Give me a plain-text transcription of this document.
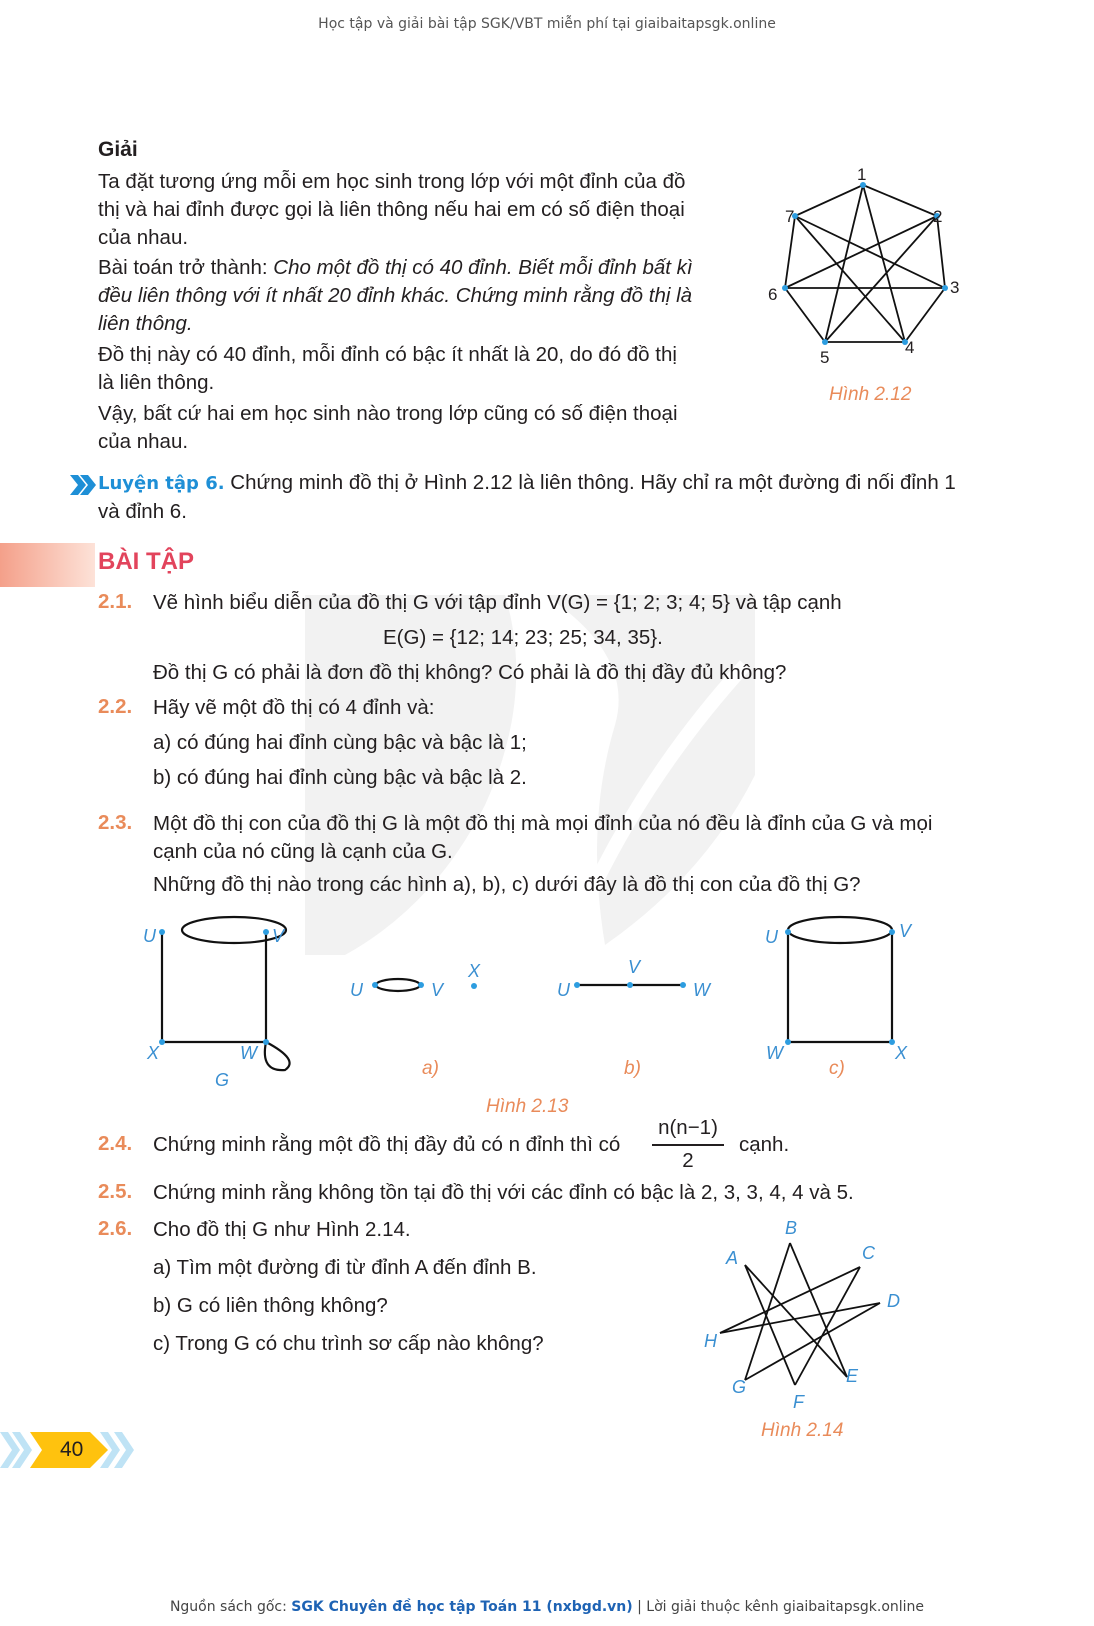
Học tập và giải bài tập SGK/VBT miễn phí tại giaibaitapsgk.online
Giải
Ta đặt tương ứng mỗi em học sinh trong lớp với một đỉnh của đồ thị và hai đỉnh được gọi là liên thông nếu hai em có số điện thoại của nhau.
Bài toán trở thành: Cho một đồ thị có 40 đỉnh. Biết mỗi đỉnh bất kì đều liên thông với ít nhất 20 đỉnh khác. Chứng minh rằng đồ thị là liên thông.
Đồ thị này có 40 đỉnh, mỗi đỉnh có bậc ít nhất là 20, do đó đồ thị là liên thông.
Vậy, bất cứ hai em học sinh nào trong lớp cũng có số điện thoại của nhau.
1
2
3
4
5
6
7
Hình 2.12
Luyện tập 6. Chứng minh đồ thị ở Hình 2.12 là liên thông. Hãy chỉ ra một đường đi nối đỉnh 1 và đỉnh 6.
BÀI TẬP
2.1. Vẽ hình biểu diễn của đồ thị G với tập đỉnh V(G) = {1; 2; 3; 4; 5} và tập cạnh
E(G) = {12; 14; 23; 25; 34, 35}.
Đồ thị G có phải là đơn đồ thị không? Có phải là đồ thị đầy đủ không?
2.2. Hãy vẽ một đồ thị có 4 đỉnh và:
a) có đúng hai đỉnh cùng bậc và bậc là 1;
b) có đúng hai đỉnh cùng bậc và bậc là 2.
2.3. Một đồ thị con của đồ thị G là một đồ thị mà mọi đỉnh của nó đều là đỉnh của G và mọi cạnh của nó cũng là cạnh của G.
Những đồ thị nào trong các hình a), b), c) dưới đây là đồ thị con của đồ thị G?
U	V
X	W
G
U	V
X
a)
U
V
W
b)
U	V
W	X
c)
Hình 2.13
2.4. Chứng minh rằng một đồ thị đầy đủ có n đỉnh thì có
n(n−1)
2
cạnh.
2.5. Chứng minh rằng không tồn tại đồ thị với các đỉnh có bậc là 2, 3, 3, 4, 4 và 5.
2.6. Cho đồ thị G như Hình 2.14.
a) Tìm một đường đi từ đỉnh A đến đỉnh B.
b) G có liên thông không?
c) Trong G có chu trình sơ cấp nào không?
B
A	C
D
H
E
G
F
Hình 2.14
40
Nguồn sách gốc: SGK Chuyên đề học tập Toán 11 (nxbgd.vn) | Lời giải thuộc kênh giaibaitapsgk.online
